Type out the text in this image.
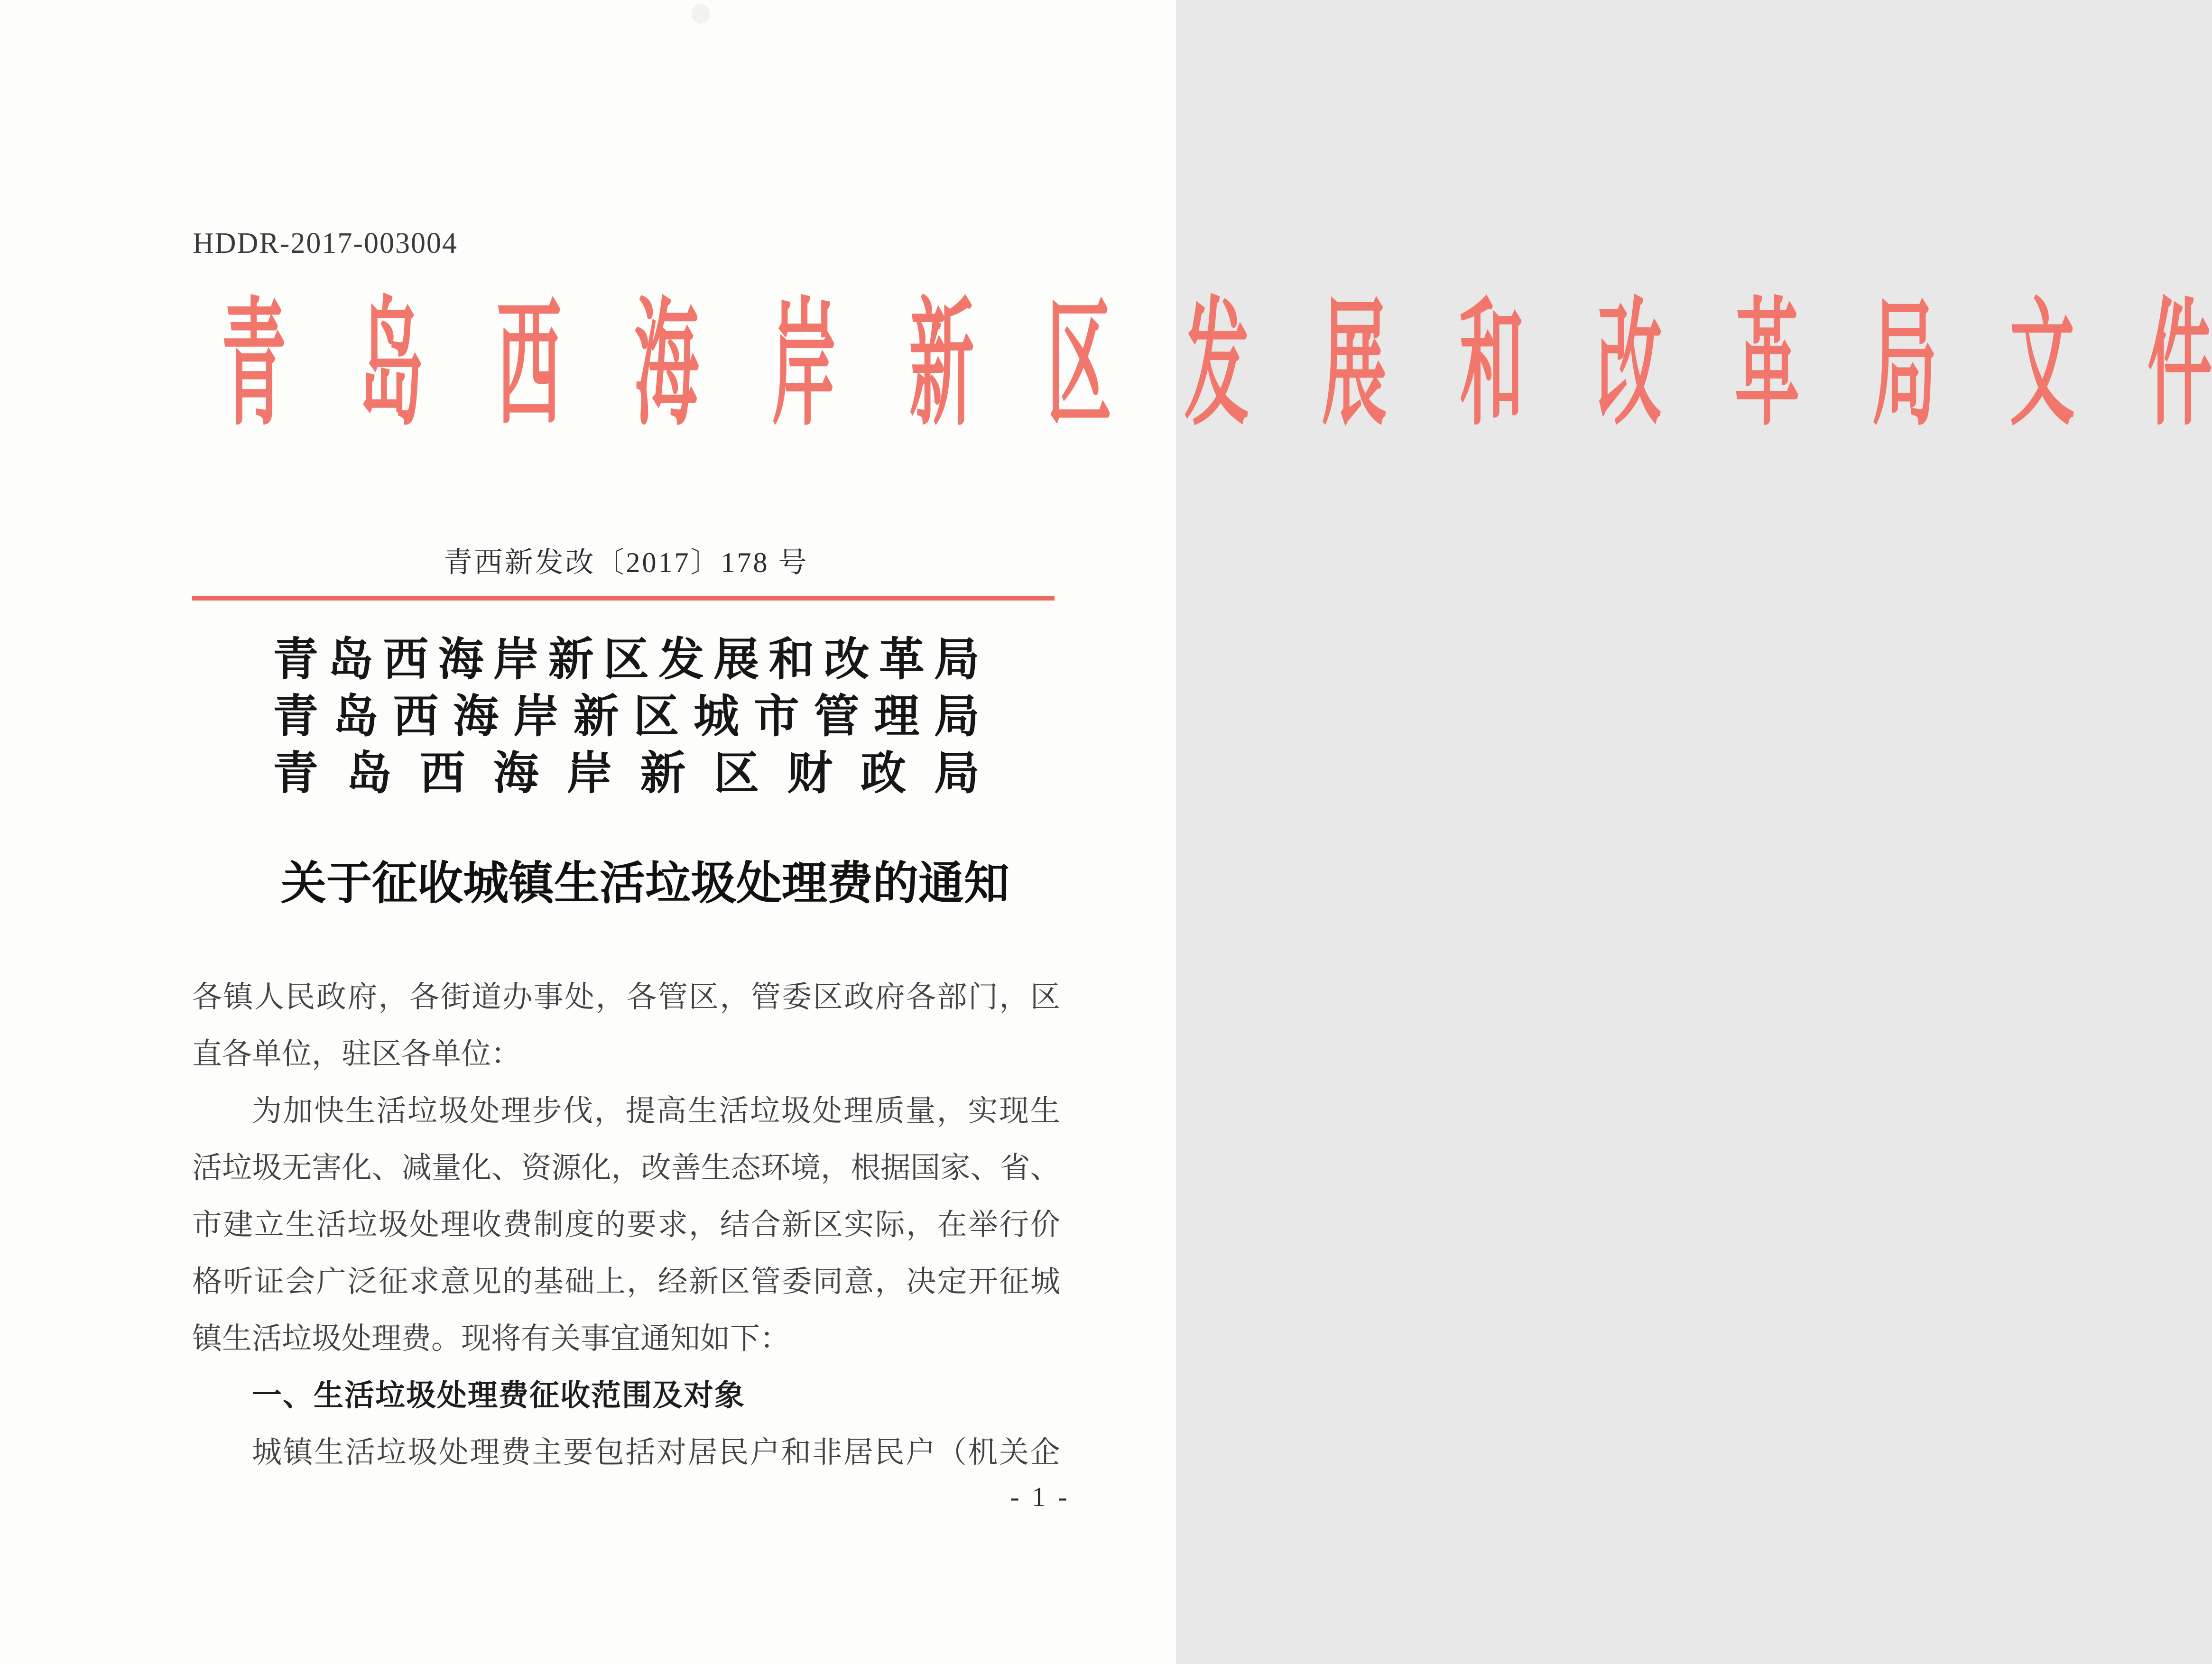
HDDR-2017-003004
青 岛 西 海 岸 新 区 发 展 和 改 革 局 文 件
青西新发改〔2017〕178 号
青 岛 西 海 岸 新 区 发 展 和 改 革 局
青 岛 西 海 岸 新 区 城 市 管 理 局
青 岛 西 海 岸 新 区 财 政 局
关 于 征 收 城 镇 生 活 垃 圾 处 理 费 的 通 知
各 镇 人 民 政 府 ， 各 街 道 办 事 处 ， 各 管 区 ， 管 委 区 政 府 各 部 门 ， 区
直各单位，驻区各单位：
为 加 快 生 活 垃 圾 处 理 步 伐 ， 提 高 生 活 垃 圾 处 理 质 量 ， 实 现 生
活 垃 圾 无 害 化 、 减 量 化 、 资 源 化 ， 改 善 生 态 环 境 ， 根 据 国 家 、 省 、
市 建 立 生 活 垃 圾 处 理 收 费 制 度 的 要 求 ， 结 合 新 区 实 际 ， 在 举 行 价
格 听 证 会 广 泛 征 求 意 见 的 基 础 上 ， 经 新 区 管 委 同 意 ， 决 定 开 征 城
镇生活垃圾处理费。现将有关事宜通知如下：
一、生活垃圾处理费征收范围及对象
城 镇 生 活 垃 圾 处 理 费 主 要 包 括 对 居 民 户 和 非 居 民 户 （ 机 关 企
- 1 -
